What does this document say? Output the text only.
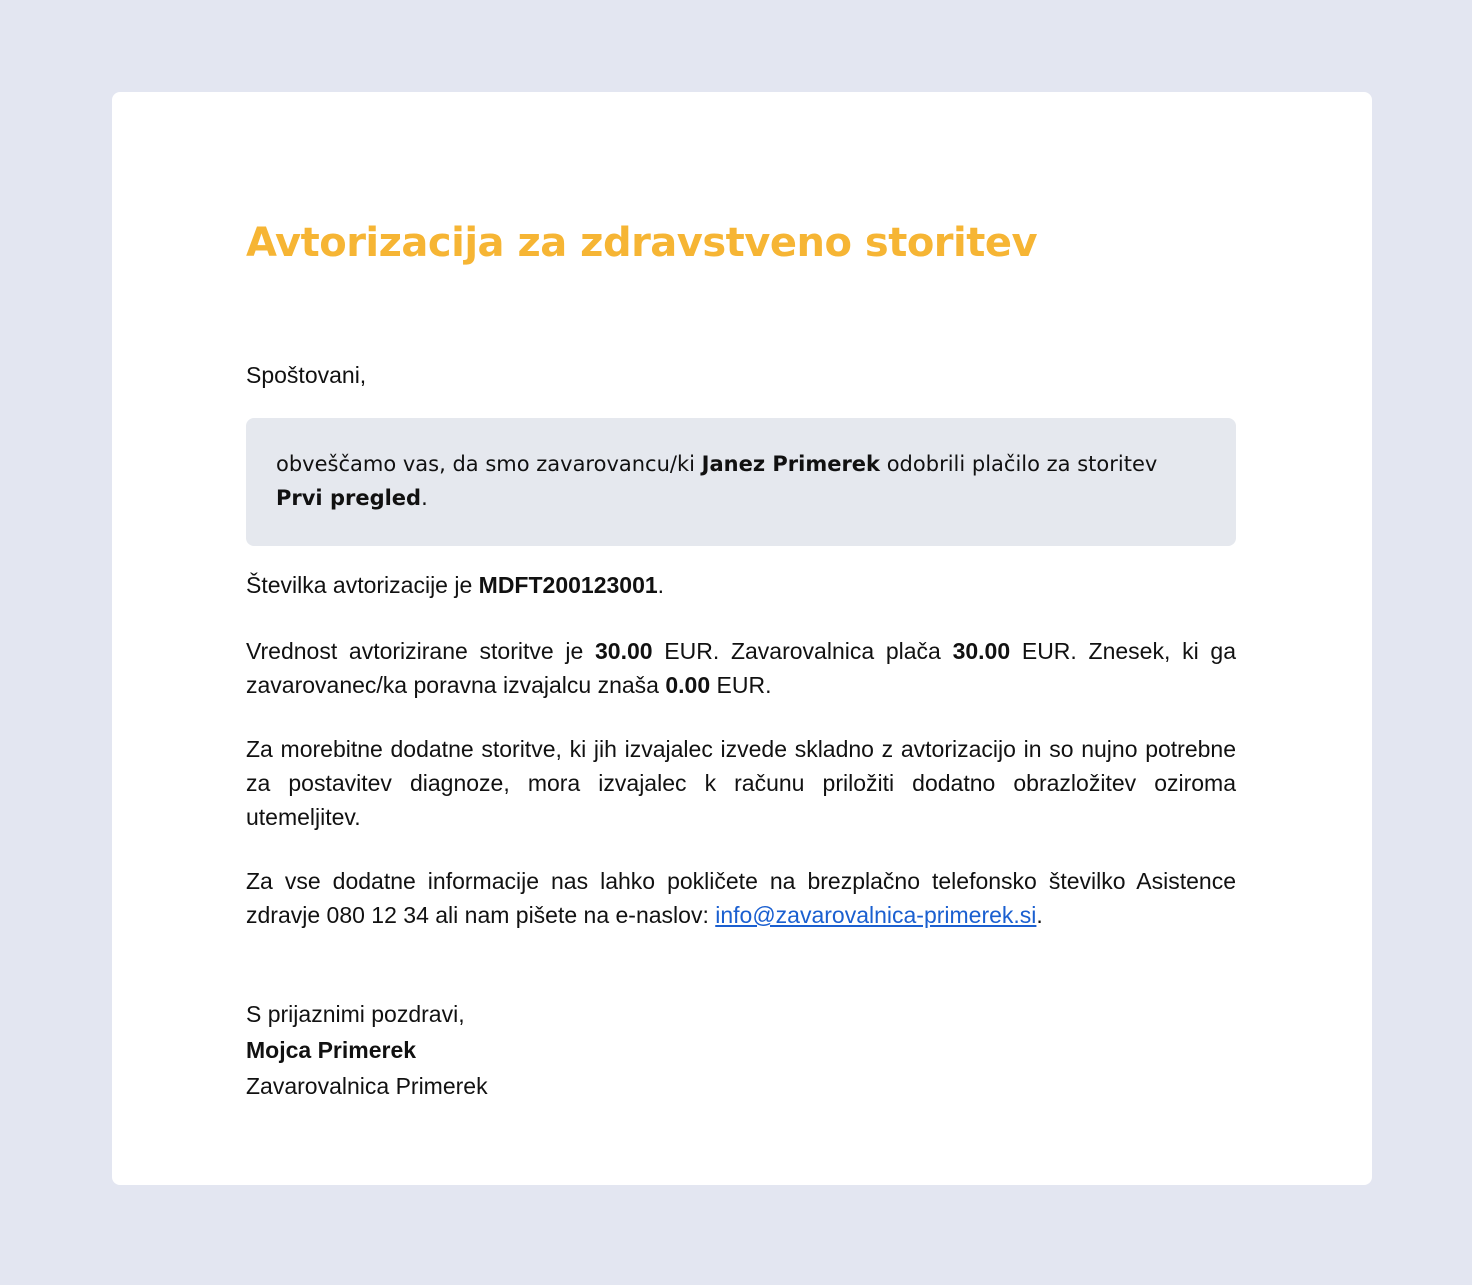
Avtorizacija za zdravstveno storitev
Spoštovani,
obveščamo vas, da smo zavarovancu/ki Janez Primerek odobrili plačilo za storitev Prvi pregled.

Številka avtorizacije je MDFT200123001.

Vrednost avtorizirane storitve je 30.00 EUR. Zavarovalnica plača 30.00 EUR. Znesek, ki ga zavarovanec/ka poravna izvajalcu znaša 0.00 EUR.

Za morebitne dodatne storitve, ki jih izvajalec izvede skladno z avtorizacijo in so nujno potrebne za postavitev diagnoze, mora izvajalec k računu priložiti dodatno obrazložitev oziroma utemeljitev.

Za vse dodatne informacije nas lahko pokličete na brezplačno telefonsko številko Asistence zdravje 080 12 34 ali nam pišete na e-naslov: info@zavarovalnica-primerek.si.

S prijaznimi pozdravi,
Mojca Primerek
Zavarovalnica Primerek
